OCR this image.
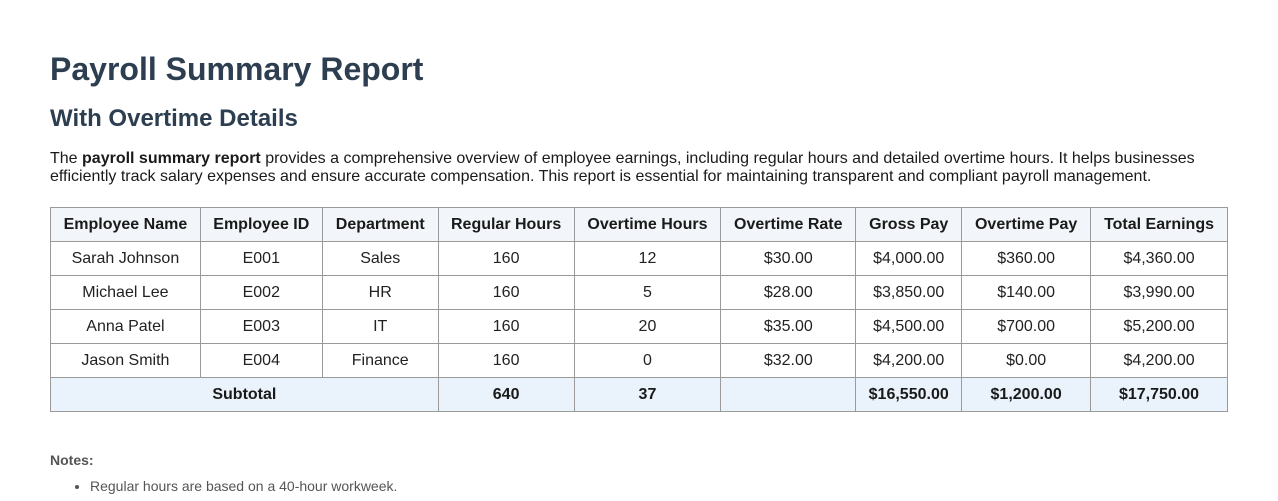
Payroll Summary Report
With Overtime Details

The payroll summary report provides a comprehensive overview of employee earnings, including regular hours and detailed overtime hours. It helps businesses efficiently track salary expenses and ensure accurate compensation. This report is essential for maintaining transparent and compliant payroll management.

Employee Name	Employee ID	Department	Regular Hours	Overtime Hours	Overtime Rate	Gross Pay	Overtime Pay	Total Earnings
Sarah Johnson	E001	Sales	160	12	$30.00	$4,000.00	$360.00	$4,360.00
Michael Lee	E002	HR	160	5	$28.00	$3,850.00	$140.00	$3,990.00
Anna Patel	E003	IT	160	20	$35.00	$4,500.00	$700.00	$5,200.00
Jason Smith	E004	Finance	160	0	$32.00	$4,200.00	$0.00	$4,200.00
Subtotal			640	37		$16,550.00	$1,200.00	$17,750.00
Notes:
• Regular hours are based on a 40-hour workweek.
